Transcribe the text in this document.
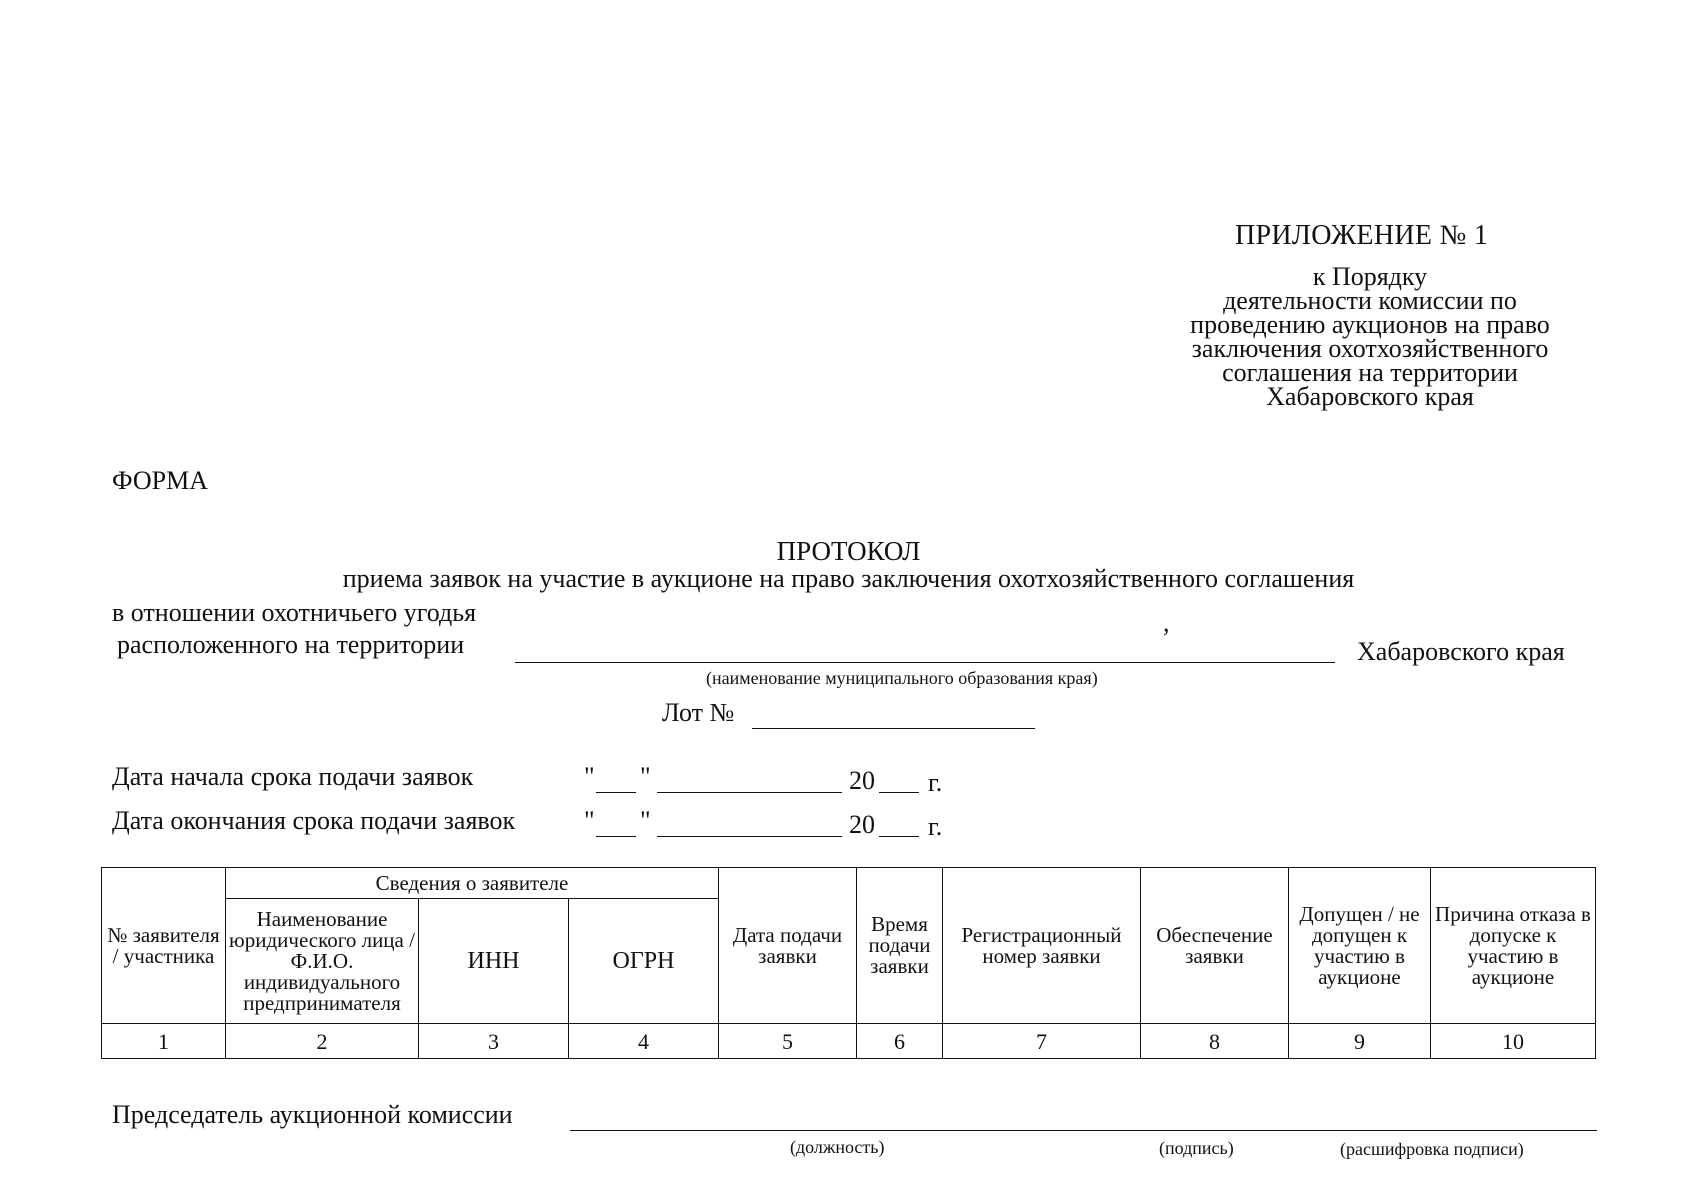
ПРИЛОЖЕНИЕ № 1
к Порядку
деятельности комиссии по
проведению аукционов на право
заключения охотхозяйственного
соглашения на территории
Хабаровского края
ФОРМА
ПРОТОКОЛ
приема заявок на участие в аукционе на право заключения охотхозяйственного соглашения
в отношении охотничьего угодья	,
расположенного на территории	Хабаровского края
(наименование муниципального образования края)
Лот №
Дата начала срока подачи заявок	" "	20 г.
Дата окончания срока подачи заявок	" "	20 г.
№ заявителя / участника	Сведения о заявителе			Дата подачи заявки	Время подачи заявки	Регистрационный номер заявки	Обеспечение заявки	Допущен / не допущен к участию в аукционе	Причина отказа в допуске к участию в аукционе
	Наименование юридического лица / Ф.И.О. индивидуального предпринимателя	ИНН	ОГРН						
1	2	3	4	5	6	7	8	9	10
Председатель аукционной комиссии
(должность)	(подпись)	(расшифровка подписи)
